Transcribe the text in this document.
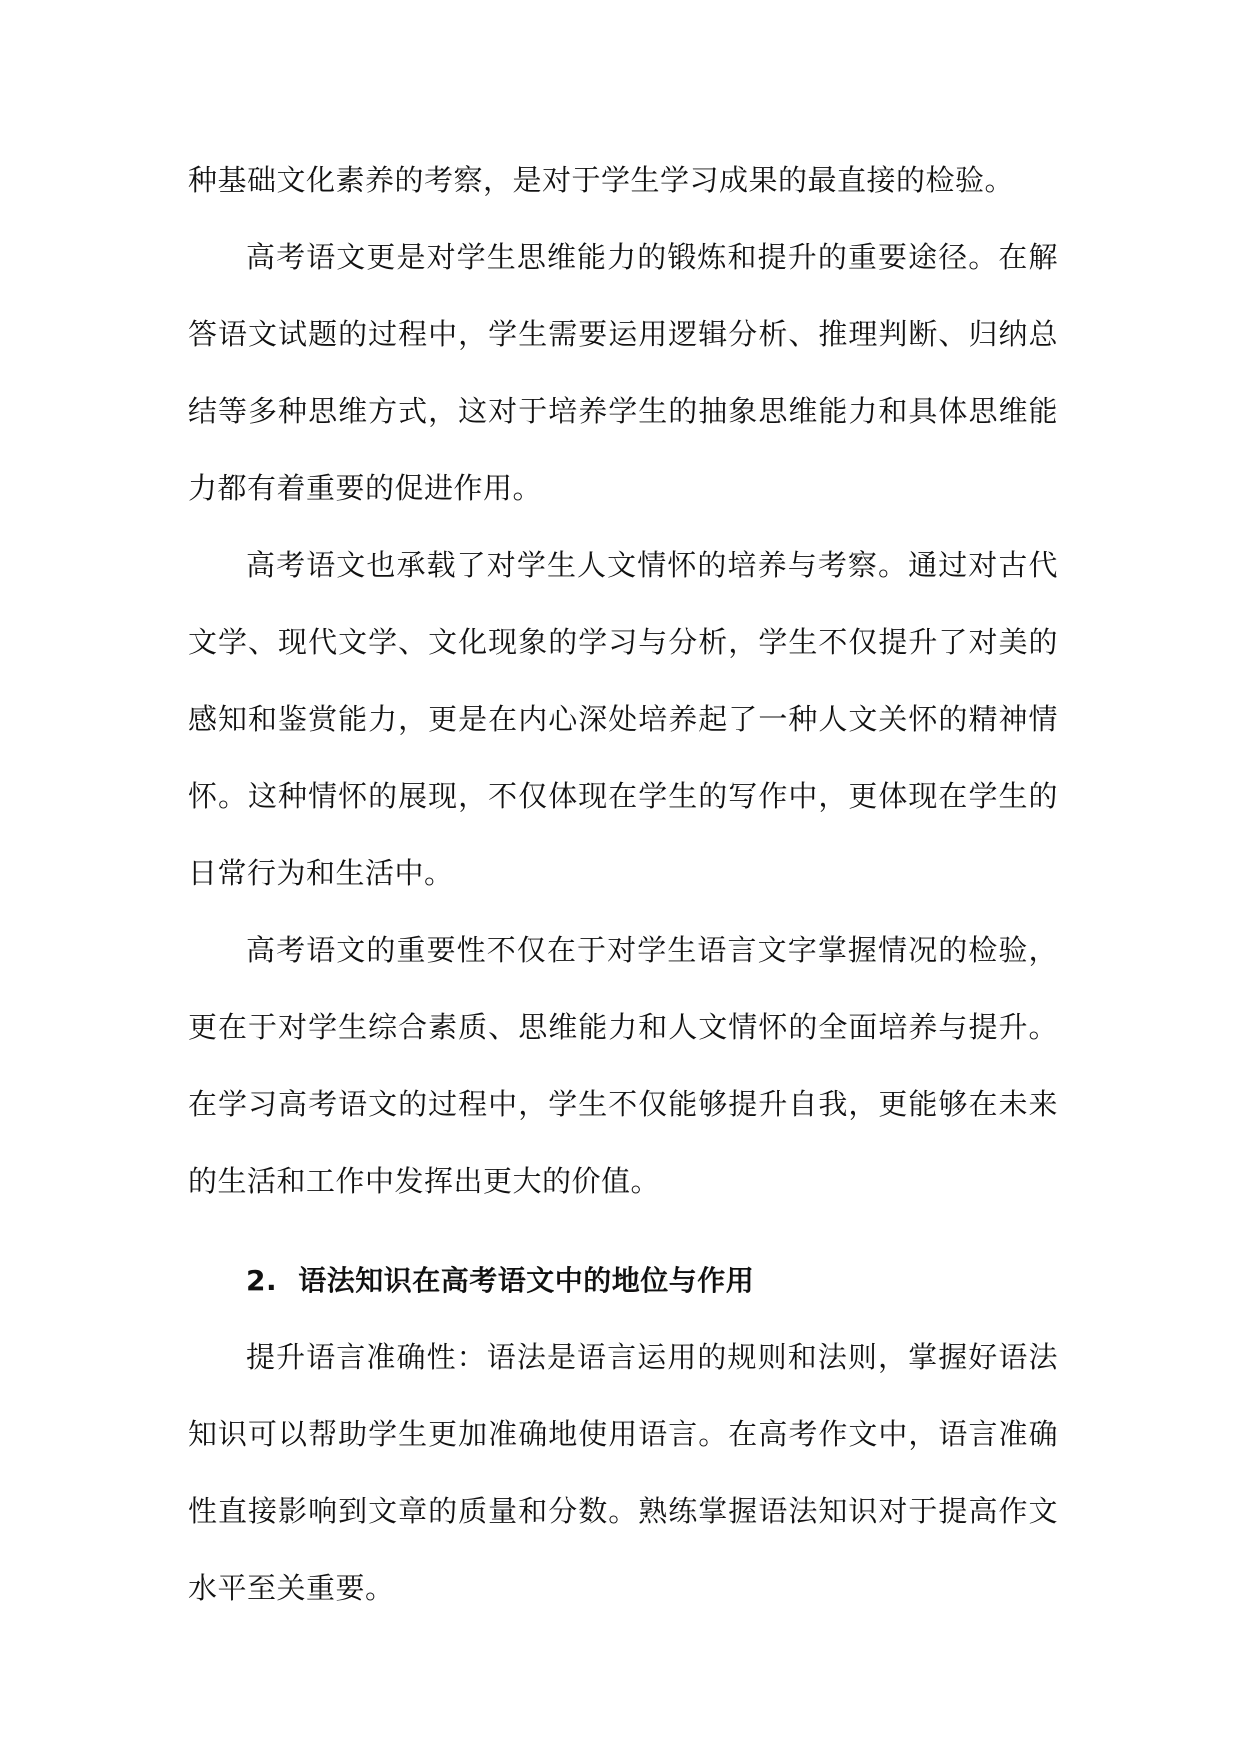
种基础文化素养的考察，是对于学生学习成果的最直接的检验。

高考语文更是对学生思维能力的锻炼和提升的重要途径。在解答语文试题的过程中，学生需要运用逻辑分析、推理判断、归纳总结等多种思维方式，这对于培养学生的抽象思维能力和具体思维能力都有着重要的促进作用。

高考语文也承载了对学生人文情怀的培养与考察。通过对古代文学、现代文学、文化现象的学习与分析，学生不仅提升了对美的感知和鉴赏能力，更是在内心深处培养起了一种人文关怀的精神情怀。这种情怀的展现，不仅体现在学生的写作中，更体现在学生的日常行为和生活中。

高考语文的重要性不仅在于对学生语言文字掌握情况的检验，更在于对学生综合素质、思维能力和人文情怀的全面培养与提升。在学习高考语文的过程中，学生不仅能够提升自我，更能够在未来的生活和工作中发挥出更大的价值。

2. 语法知识在高考语文中的地位与作用

提升语言准确性：语法是语言运用的规则和法则，掌握好语法知识可以帮助学生更加准确地使用语言。在高考作文中，语言准确性直接影响到文章的质量和分数。熟练掌握语法知识对于提高作文水平至关重要。
